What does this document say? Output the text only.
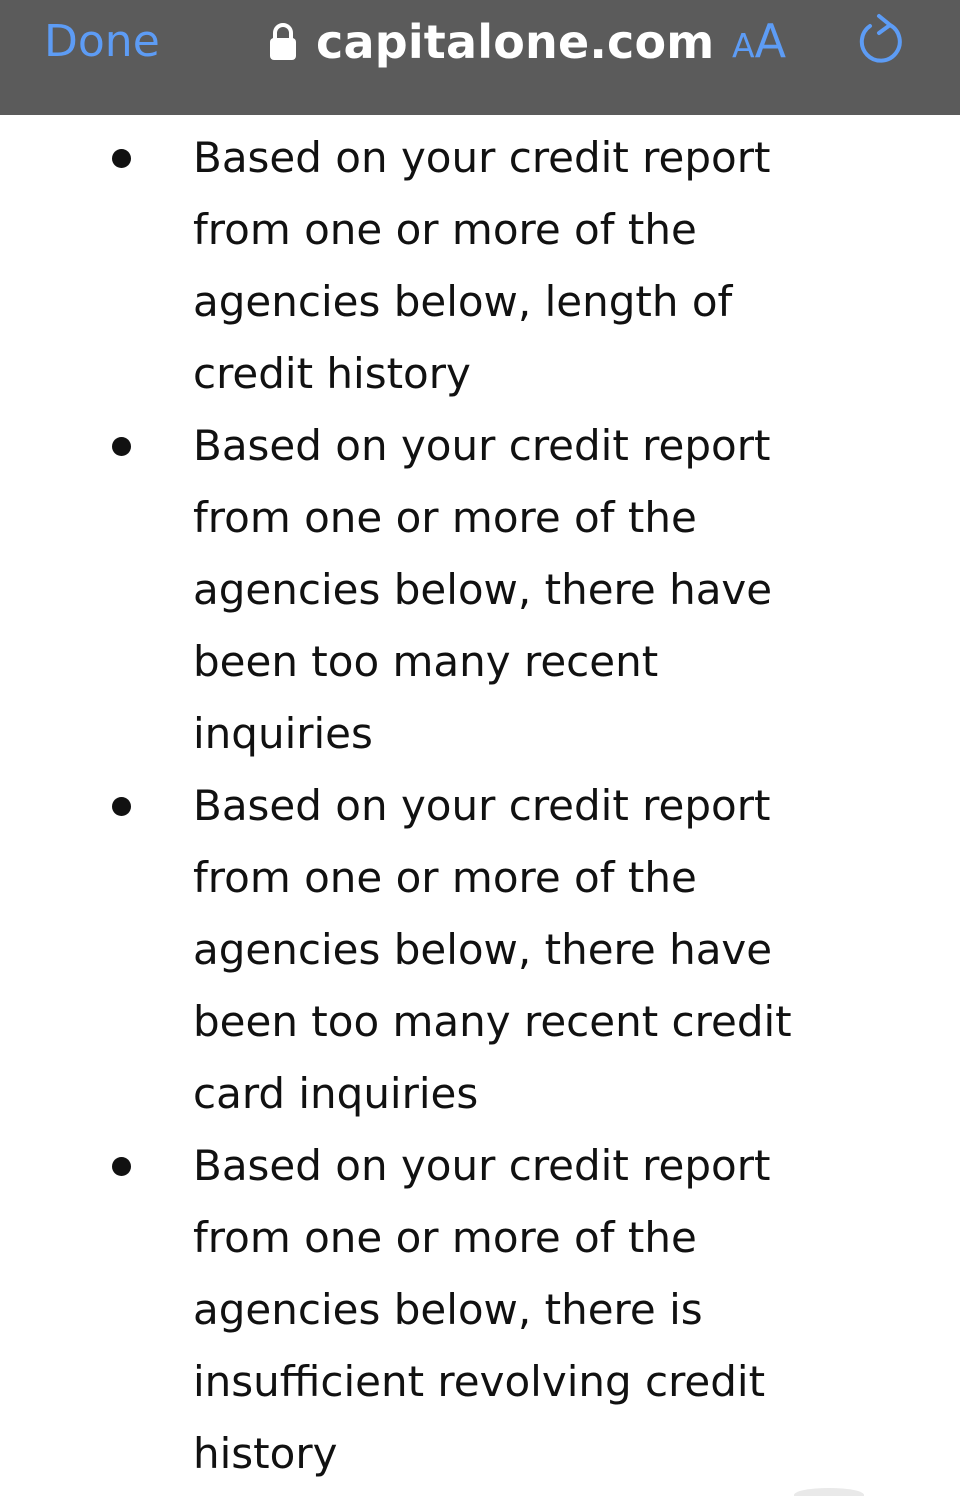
Done	capitalone.com AA
Based on your credit report from one or more of the agencies below, length of credit history
Based on your credit report from one or more of the agencies below, there have been too many recent inquiries
Based on your credit report from one or more of the agencies below, there have been too many recent credit card inquiries
Based on your credit report from one or more of the agencies below, there is insufficient revolving credit history
